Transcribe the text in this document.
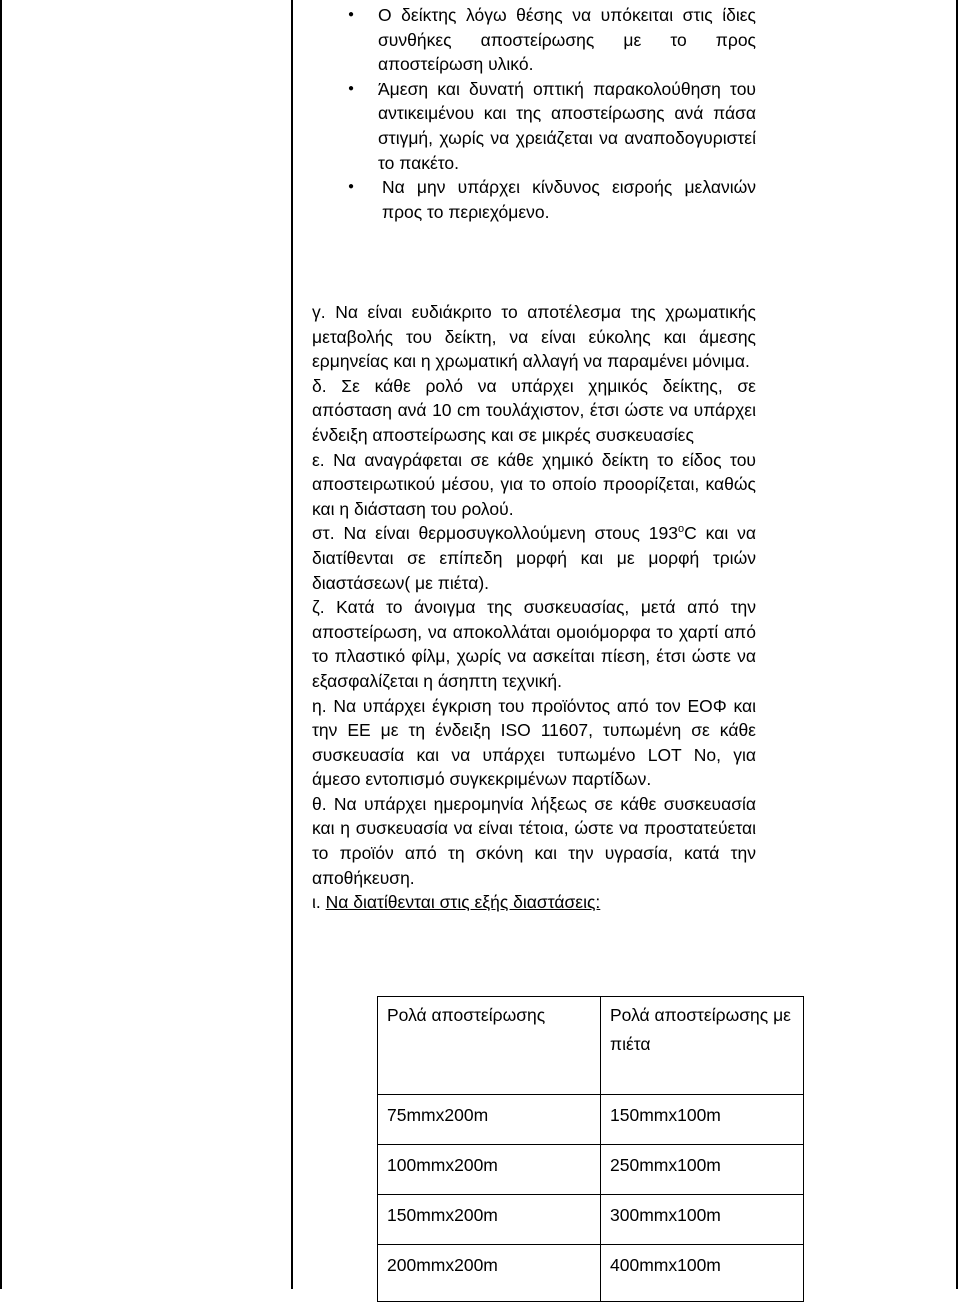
● Ο δείκτης λόγω θέσης να υπόκειται στις ίδιες συνθήκες αποστείρωσης με το προς αποστείρωση υλικό.
● Άμεση και δυνατή οπτική παρακολούθηση του αντικειμένου και της αποστείρωσης ανά πάσα στιγμή, χωρίς να χρειάζεται να αναποδογυριστεί το πακέτο.
● Να μην υπάρχει κίνδυνος εισροής μελανιών προς το περιεχόμενο.

γ. Να είναι ευδιάκριτο το αποτέλεσμα της χρωματικής μεταβολής του δείκτη, να είναι εύκολης και άμεσης ερμηνείας και η χρωματική αλλαγή να παραμένει μόνιμα.

δ. Σε κάθε ρολό να υπάρχει χημικός δείκτης, σε απόσταση ανά 10 cm τουλάχιστον, έτσι ώστε να υπάρχει ένδειξη αποστείρωσης και σε μικρές συσκευασίες

ε. Να αναγράφεται σε κάθε χημικό δείκτη το είδος του αποστειρωτικού μέσου, για το οποίο προορίζεται, καθώς και η διάσταση του ρολού.

στ. Να είναι θερμοσυγκολλούμενη στους $193^oC$ και να διατίθενται σε επίπεδη μορφή και με μορφή τριών διαστάσεων( με πιέτα).

ζ. Κατά το άνοιγμα της συσκευασίας, μετά από την αποστείρωση, να αποκολλάται ομοιόμορφα το χαρτί από το πλαστικό φίλμ, χωρίς να ασκείται πίεση, έτσι ώστε να εξασφαλίζεται η άσηπτη τεχνική.

η. Να υπάρχει έγκριση του προϊόντος από τον ΕΟΦ και την ΕΕ με τη ένδειξη ISO 11607, τυπωμένη σε κάθε συσκευασία και να υπάρχει τυπωμένο LOT No, για άμεσο εντοπισμό συγκεκριμένων παρτίδων.

θ. Να υπάρχει ημερομηνία λήξεως σε κάθε συσκευασία και η συσκευασία να είναι τέτοια, ώστε να προστατεύεται το προϊόν από τη σκόνη και την υγρασία, κατά την αποθήκευση.

ι. Να διατίθενται στις εξής διαστάσεις:

Ρολά αποστείρωσης	Ρολά αποστείρωσης με πιέτα
75mmx200m	150mmx100m
100mmx200m	250mmx100m
150mmx200m	300mmx100m
200mmx200m	400mmx100m
